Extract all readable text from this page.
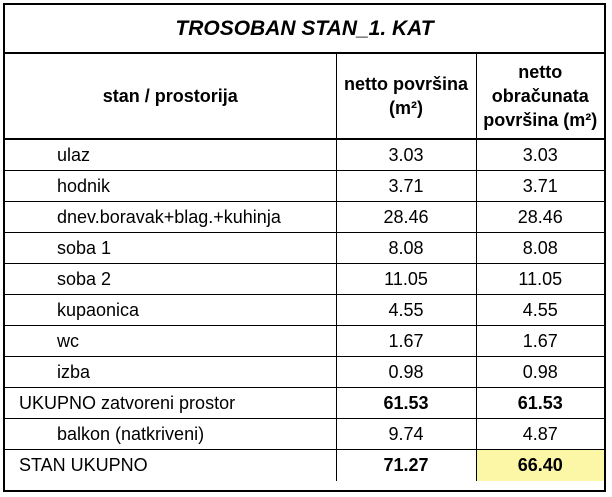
TROSOBAN STAN_1. KAT		
stan / prostorija	netto površina (m²)	netto obračunata površina (m²)
ulaz	3.03	3.03
hodnik	3.71	3.71
dnev.boravak+blag.+kuhinja	28.46	28.46
soba 1	8.08	8.08
soba 2	11.05	11.05
kupaonica	4.55	4.55
wc	1.67	1.67
izba	0.98	0.98
UKUPNO zatvoreni prostor	61.53	61.53
balkon (natkriveni)	9.74	4.87
STAN UKUPNO	71.27	66.40
